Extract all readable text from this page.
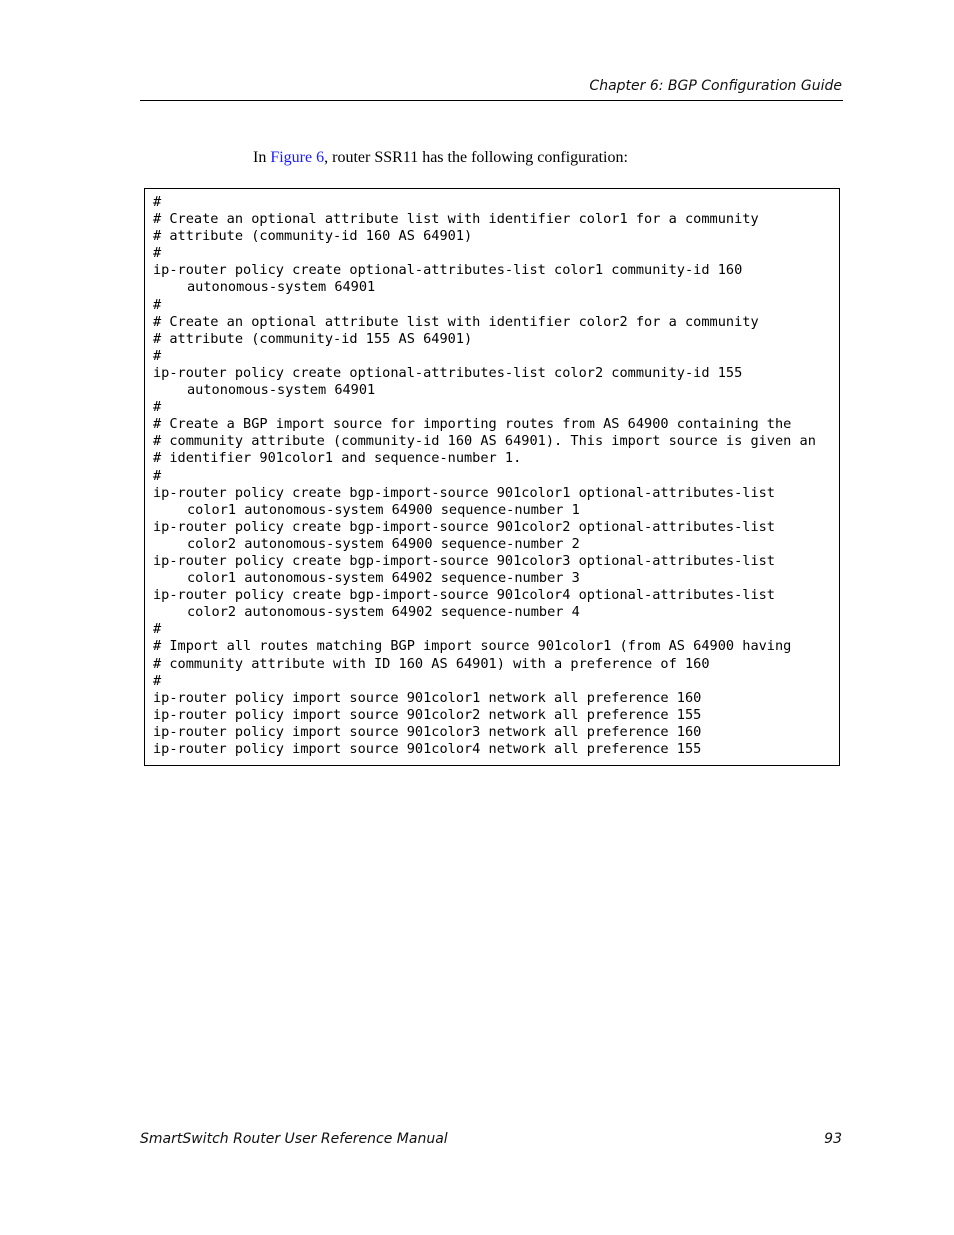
Chapter 6: BGP Configuration Guide
In Figure 6, router SSR11 has the following configuration:
#
# Create an optional attribute list with identifier color1 for a community
# attribute (community-id 160 AS 64901)
#
ip-router policy create optional-attributes-list color1 community-id 160
autonomous-system 64901
#
# Create an optional attribute list with identifier color2 for a community
# attribute (community-id 155 AS 64901)
#
ip-router policy create optional-attributes-list color2 community-id 155
autonomous-system 64901
#
# Create a BGP import source for importing routes from AS 64900 containing the
# community attribute (community-id 160 AS 64901). This import source is given an
# identifier 901color1 and sequence-number 1.
#
ip-router policy create bgp-import-source 901color1 optional-attributes-list
color1 autonomous-system 64900 sequence-number 1
ip-router policy create bgp-import-source 901color2 optional-attributes-list
color2 autonomous-system 64900 sequence-number 2
ip-router policy create bgp-import-source 901color3 optional-attributes-list
color1 autonomous-system 64902 sequence-number 3
ip-router policy create bgp-import-source 901color4 optional-attributes-list
color2 autonomous-system 64902 sequence-number 4
#
# Import all routes matching BGP import source 901color1 (from AS 64900 having
# community attribute with ID 160 AS 64901) with a preference of 160
#
ip-router policy import source 901color1 network all preference 160
ip-router policy import source 901color2 network all preference 155
ip-router policy import source 901color3 network all preference 160
ip-router policy import source 901color4 network all preference 155
SmartSwitch Router User Reference Manual	93
